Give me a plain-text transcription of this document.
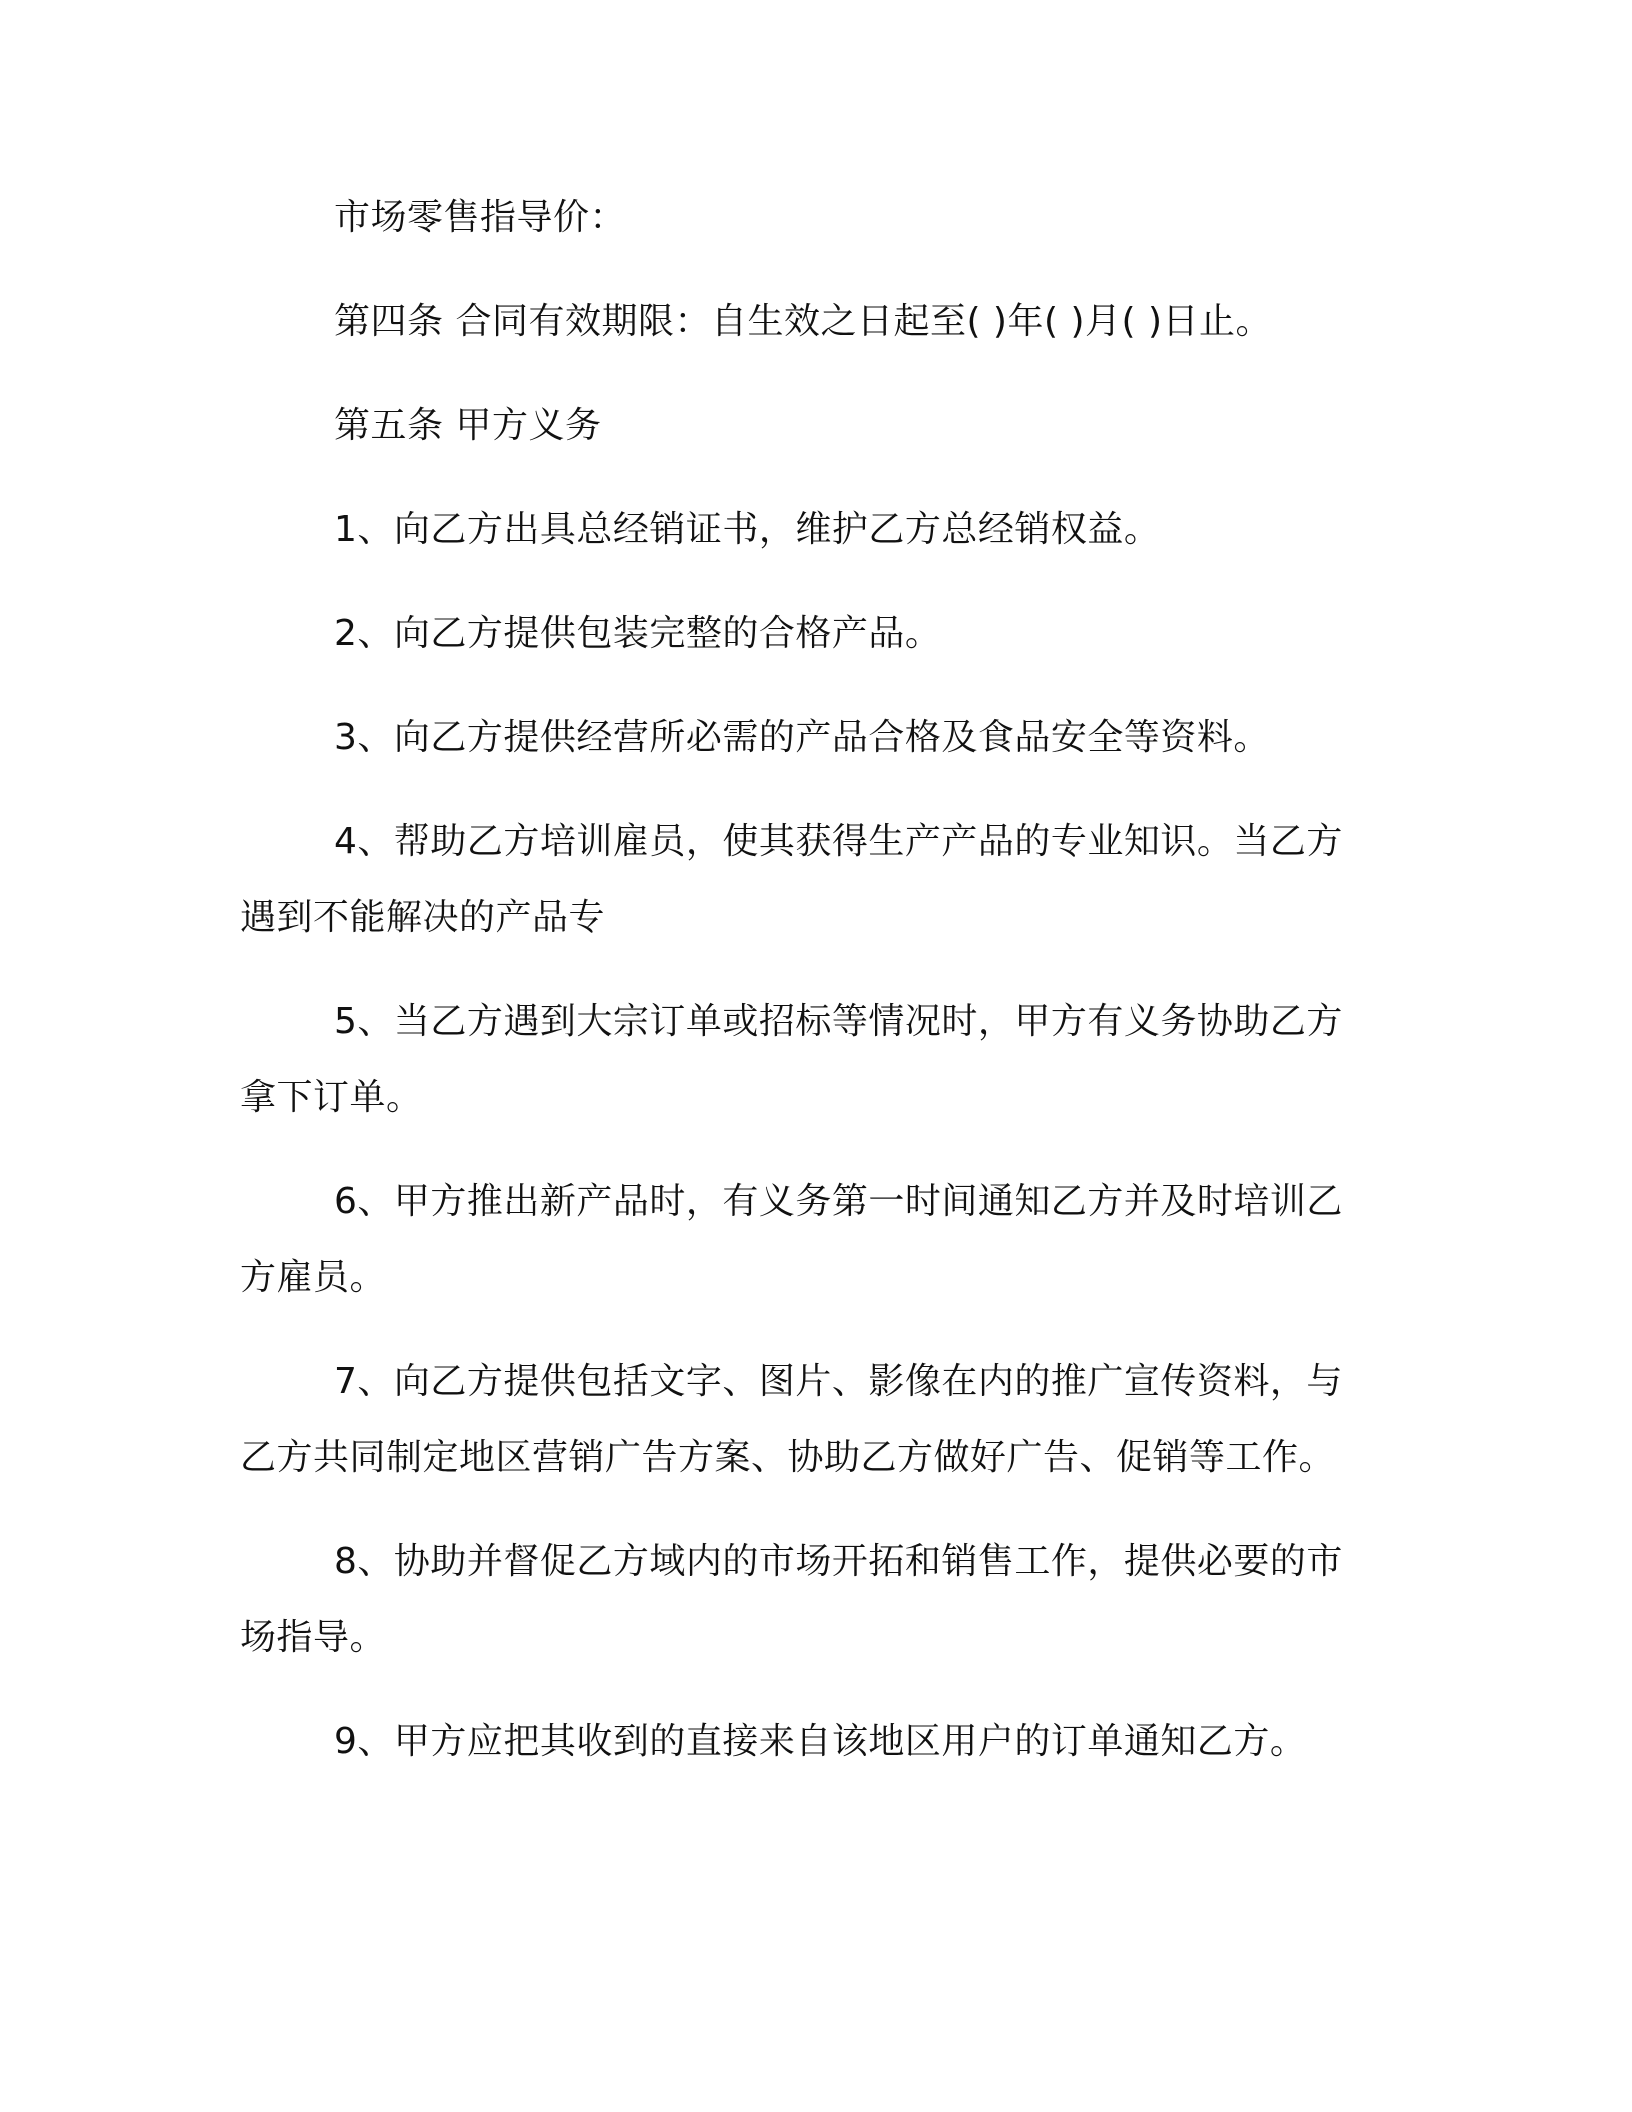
市场零售指导价：
第四条 合同有效期限：自生效之日起至( )年( )月( )日止。
第五条 甲方义务
1、向乙方出具总经销证书，维护乙方总经销权益。
2、向乙方提供包装完整的合格产品。
3、向乙方提供经营所必需的产品合格及食品安全等资料。
4、帮助乙方培训雇员，使其获得生产产品的专业知识。当乙方
遇到不能解决的产品专
5、当乙方遇到大宗订单或招标等情况时，甲方有义务协助乙方
拿下订单。
6、甲方推出新产品时，有义务第一时间通知乙方并及时培训乙
方雇员。
7、向乙方提供包括文字、图片、影像在内的推广宣传资料，与
乙方共同制定地区营销广告方案、协助乙方做好广告、促销等工作。
8、协助并督促乙方域内的市场开拓和销售工作，提供必要的市
场指导。
9、甲方应把其收到的直接来自该地区用户的订单通知乙方。
